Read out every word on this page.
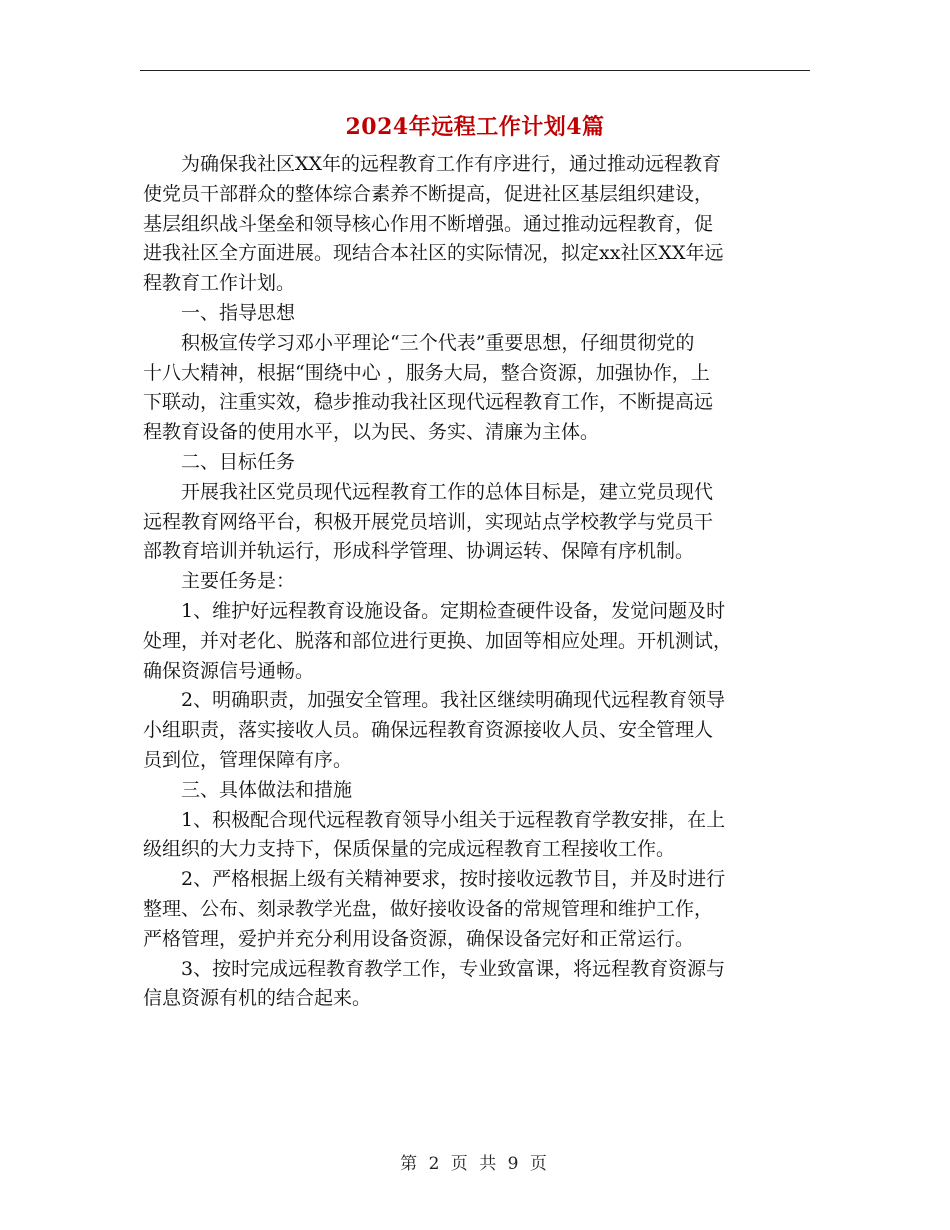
2024年远程工作计划4篇

为确保我社区XX年的远程教育工作有序进行，通过推动远程教育
使党员干部群众的整体综合素养不断提高，促进社区基层组织建设，
基层组织战斗堡垒和领导核心作用不断增强。通过推动远程教育，促
进我社区全方面进展。现结合本社区的实际情况，拟定xx社区XX年远
程教育工作计划。

一、指导思想

积极宣传学习邓小平理论“三个代表”重要思想，仔细贯彻党的
十八大精神，根据“围绕中心 ，服务大局，整合资源，加强协作，上
下联动，注重实效，稳步推动我社区现代远程教育工作，不断提高远
程教育设备的使用水平，以为民、务实、清廉为主体。

二、目标任务

开展我社区党员现代远程教育工作的总体目标是，建立党员现代
远程教育网络平台，积极开展党员培训，实现站点学校教学与党员干
部教育培训并轨运行，形成科学管理、协调运转、保障有序机制。

主要任务是：

1、维护好远程教育设施设备。定期检查硬件设备，发觉问题及时
处理，并对老化、脱落和部位进行更换、加固等相应处理。开机测试，
确保资源信号通畅。

2、明确职责，加强安全管理。我社区继续明确现代远程教育领导
小组职责，落实接收人员。确保远程教育资源接收人员、安全管理人
员到位，管理保障有序。

三、具体做法和措施

1、积极配合现代远程教育领导小组关于远程教育学教安排，在上
级组织的大力支持下，保质保量的完成远程教育工程接收工作。

2、严格根据上级有关精神要求，按时接收远教节目，并及时进行
整理、公布、刻录教学光盘，做好接收设备的常规管理和维护工作，
严格管理，爱护并充分利用设备资源，确保设备完好和正常运行。

3、按时完成远程教育教学工作，专业致富课，将远程教育资源与
信息资源有机的结合起来。

第 2 页 共 9 页
